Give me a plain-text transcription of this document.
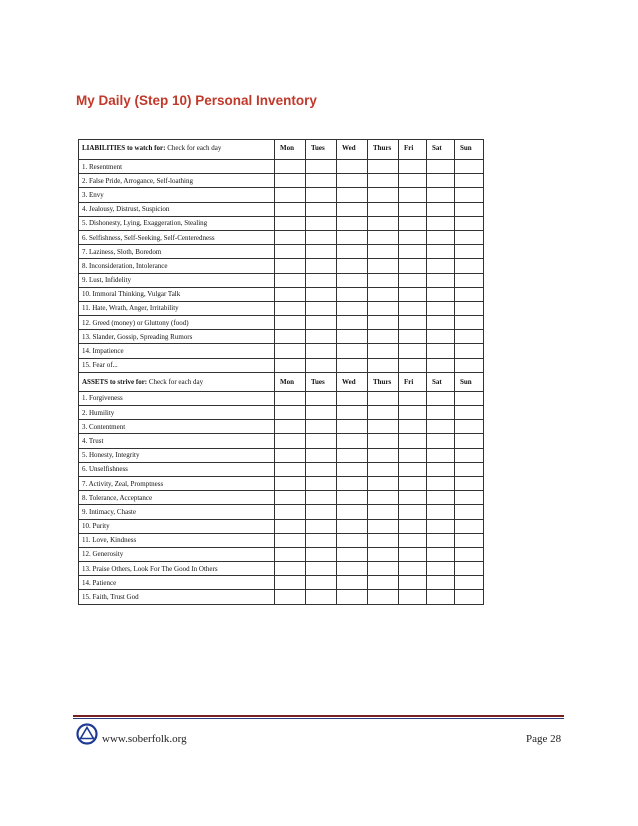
My Daily (Step 10) Personal Inventory
LIABILITIES to watch for: Check for each day	Mon	Tues	Wed	Thurs	Fri	Sat	Sun
1. Resentment							
2. False Pride, Arrogance, Self-loathing							
3. Envy							
4. Jealousy, Distrust, Suspicion							
5. Dishonesty, Lying, Exaggeration, Stealing							
6. Selfishness, Self-Seeking, Self-Centeredness							
7. Laziness, Sloth, Boredom							
8. Inconsideration, Intolerance							
9. Lust, Infidelity							
10. Immoral Thinking, Vulgar Talk							
11. Hate, Wrath, Anger, Irritability							
12. Greed (money) or Gluttony (food)							
13. Slander, Gossip, Spreading Rumors							
14. Impatience							
15. Fear of...							
ASSETS to strive for: Check for each day	Mon	Tues	Wed	Thurs	Fri	Sat	Sun
1. Forgiveness							
2. Humility							
3. Contentment							
4. Trust							
5. Honesty, Integrity							
6. Unselfishness							
7. Activity, Zeal, Promptness							
8. Tolerance, Acceptance							
9. Intimacy, Chaste							
10. Purity							
11. Love, Kindness							
12. Generosity							
13. Praise Others, Look For The Good In Others							
14. Patience							
15. Faith, Trust God							
www.soberfolk.org	Page 28
